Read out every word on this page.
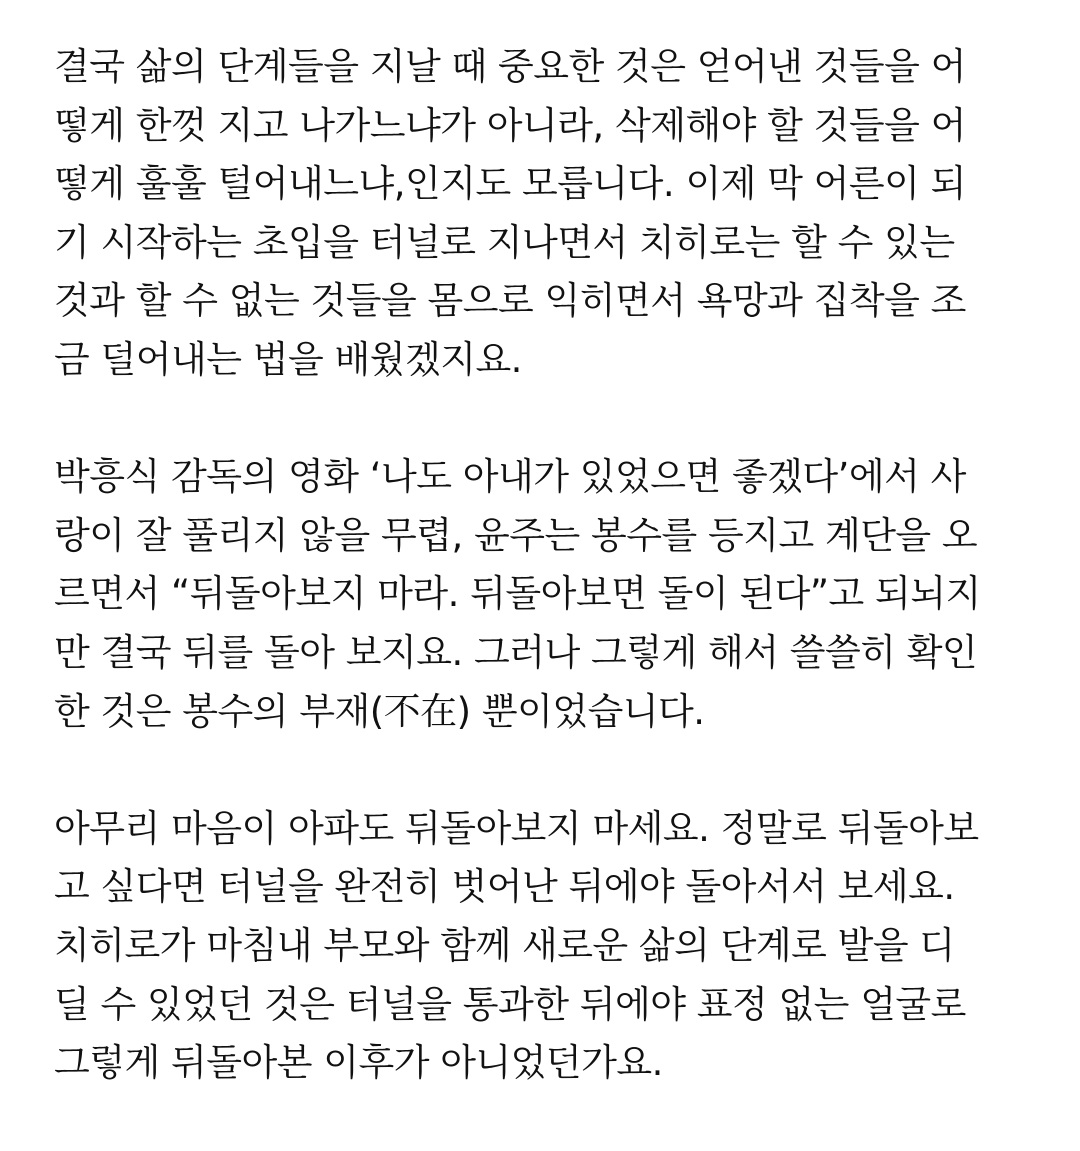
결국 삶의 단계들을 지날 때 중요한 것은 얻어낸 것들을 어
떻게 한껏 지고 나가느냐가 아니라, 삭제해야 할 것들을 어
떻게 훌훌 털어내느냐,인지도 모릅니다. 이제 막 어른이 되
기 시작하는 초입을 터널로 지나면서 치히로는 할 수 있는
것과 할 수 없는 것들을 몸으로 익히면서 욕망과 집착을 조
금 덜어내는 법을 배웠겠지요.

박흥식 감독의 영화 ‘나도 아내가 있었으면 좋겠다’에서 사
랑이 잘 풀리지 않을 무렵, 윤주는 봉수를 등지고 계단을 오
르면서 “뒤돌아보지 마라. 뒤돌아보면 돌이 된다”고 되뇌지
만 결국 뒤를 돌아 보지요. 그러나 그렇게 해서 쓸쓸히 확인
한 것은 봉수의 부재(不在) 뿐이었습니다.

아무리 마음이 아파도 뒤돌아보지 마세요. 정말로 뒤돌아보
고 싶다면 터널을 완전히 벗어난 뒤에야 돌아서서 보세요.
치히로가 마침내 부모와 함께 새로운 삶의 단계로 발을 디
딜 수 있었던 것은 터널을 통과한 뒤에야 표정 없는 얼굴로
그렇게 뒤돌아본 이후가 아니었던가요.
